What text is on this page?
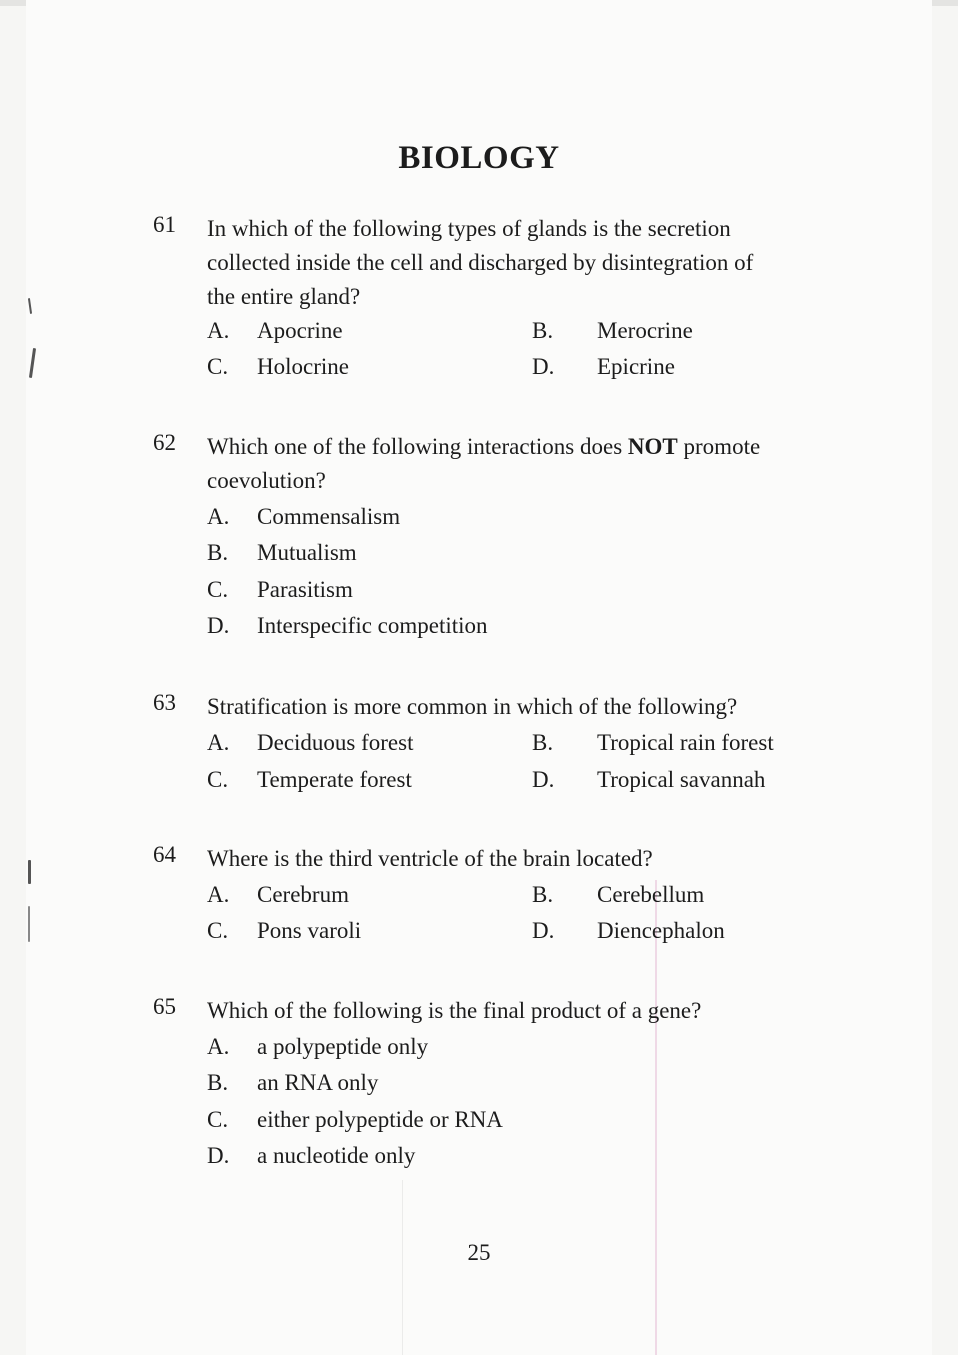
BIOLOGY
61 In which of the following types of glands is the secretion
collected inside the cell and discharged by disintegration of
the entire gland?
A. Apocrine	B. Merocrine
C. Holocrine	D. Epicrine
62 Which one of the following interactions does NOT promote
coevolution?
A. Commensalism
B. Mutualism
C. Parasitism
D. Interspecific competition
63 Stratification is more common in which of the following?
A. Deciduous forest	B. Tropical rain forest
C. Temperate forest	D. Tropical savannah
64 Where is the third ventricle of the brain located?
A. Cerebrum	B. Cerebellum
C. Pons varoli	D. Diencephalon
65 Which of the following is the final product of a gene?
A. a polypeptide only
B. an RNA only
C. either polypeptide or RNA
D. a nucleotide only
25
